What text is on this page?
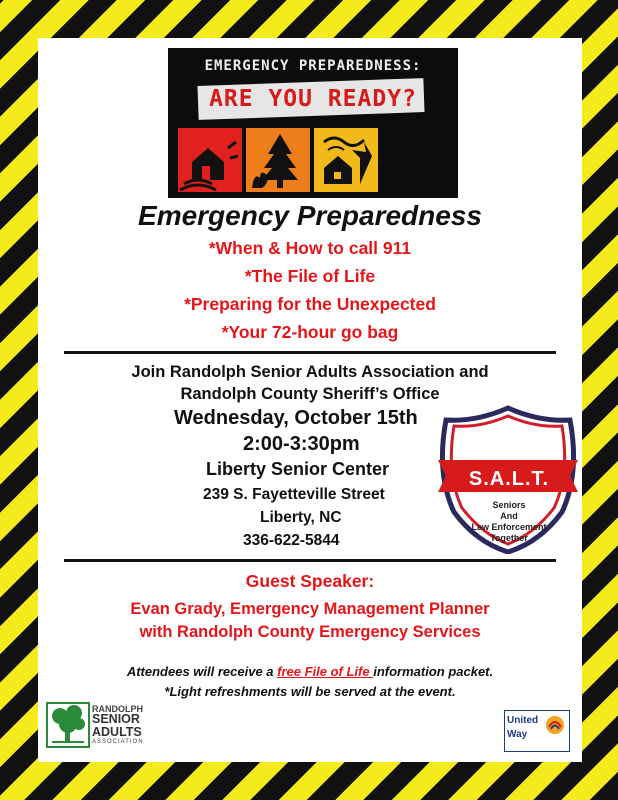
EMERGENCY PREPAREDNESS:
ARE YOU READY?
Emergency Preparedness
*When & How to call 911
*The File of Life
*Preparing for the Unexpected
*Your 72-hour go bag
Join Randolph Senior Adults Association and
Randolph County Sheriff’s Office
Wednesday, October 15th
2:00-3:30pm
Liberty Senior Center
239 S. Fayetteville Street
Liberty, NC
336-622-5844
S.A.L.T.
Seniors
And
Law Enforcement
Together
Guest Speaker:
Evan Grady, Emergency Management Planner
with Randolph County Emergency Services
Attendees will receive a free File of Life information packet.
*Light refreshments will be served at the event.
RANDOLPH
SENIOR
ADULTS
ASSOCIATION
United
Way
